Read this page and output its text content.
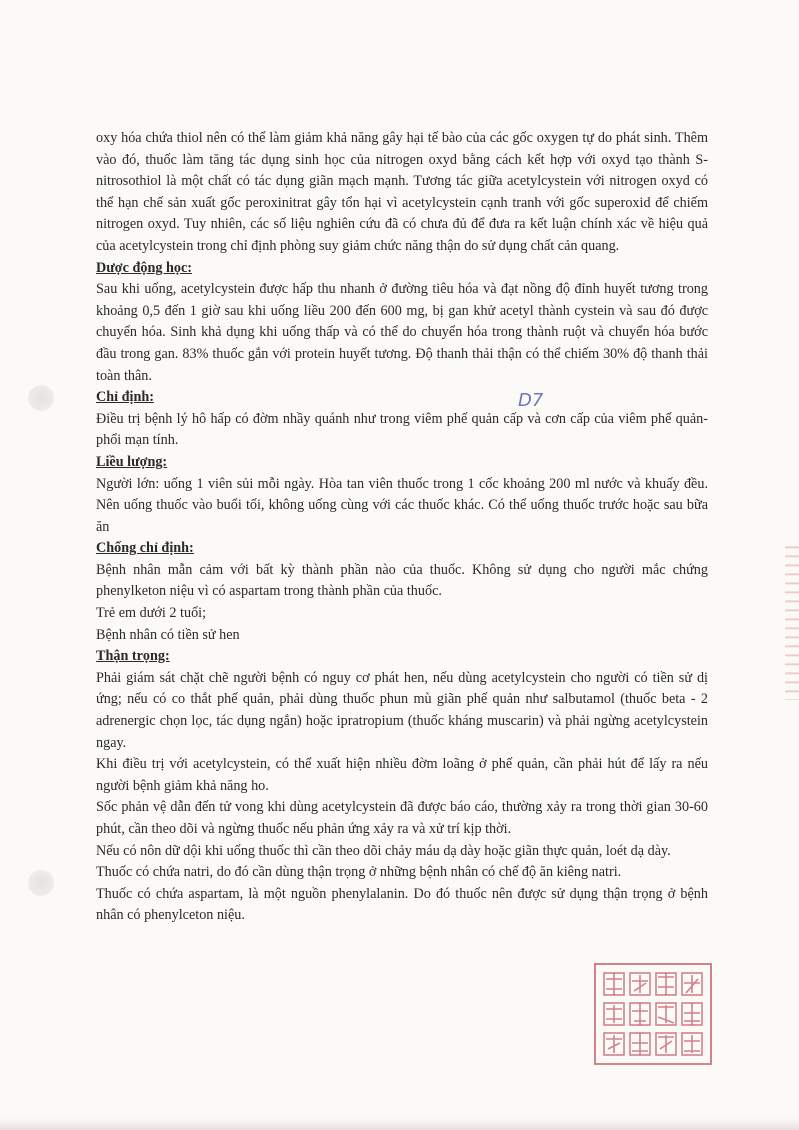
oxy hóa chứa thiol nên có thể làm giảm khả năng gây hại tế bào của các gốc oxygen tự do phát sinh. Thêm vào đó, thuốc làm tăng tác dụng sinh học của nitrogen oxyd bằng cách kết hợp với oxyd tạo thành S-nitrosothiol là một chất có tác dụng giãn mạch mạnh. Tương tác giữa acetylcystein với nitrogen oxyd có thể hạn chế sản xuất gốc peroxinitrat gây tổn hại vì acetylcystein cạnh tranh với gốc superoxid để chiếm nitrogen oxyd. Tuy nhiên, các số liệu nghiên cứu đã có chưa đủ để đưa ra kết luận chính xác về hiệu quả của acetylcystein trong chỉ định phòng suy giảm chức năng thận do sử dụng chất cản quang.

Dược động học:

Sau khi uống, acetylcystein được hấp thu nhanh ở đường tiêu hóa và đạt nồng độ đỉnh huyết tương trong khoảng 0,5 đến 1 giờ sau khi uống liều 200 đến 600 mg, bị gan khử acetyl thành cystein và sau đó được chuyển hóa. Sinh khả dụng khi uống thấp và có thể do chuyển hóa trong thành ruột và chuyển hóa bước đầu trong gan. 83% thuốc gắn với protein huyết tương. Độ thanh thải thận có thể chiếm 30% độ thanh thải toàn thân.

Chỉ định:

Điều trị bệnh lý hô hấp có đờm nhầy quánh như trong viêm phế quản cấp và cơn cấp của viêm phế quản-phổi mạn tính.

Liều lượng:

Người lớn: uống 1 viên sủi mỗi ngày. Hòa tan viên thuốc trong 1 cốc khoảng 200 ml nước và khuấy đều. Nên uống thuốc vào buổi tối, không uống cùng với các thuốc khác. Có thể uống thuốc trước hoặc sau bữa ăn

Chống chỉ định:

Bệnh nhân mẫn cảm với bất kỳ thành phần nào của thuốc. Không sử dụng cho người mắc chứng phenylketon niệu vì có aspartam trong thành phần của thuốc.

Trẻ em dưới 2 tuổi;

Bệnh nhân có tiền sử hen

Thận trọng:

Phải giám sát chặt chẽ người bệnh có nguy cơ phát hen, nếu dùng acetylcystein cho người có tiền sử dị ứng; nếu có co thắt phế quản, phải dùng thuốc phun mù giãn phế quản như salbutamol (thuốc beta - 2 adrenergic chọn lọc, tác dụng ngắn) hoặc ipratropium (thuốc kháng muscarin) và phải ngừng acetylcystein ngay.

Khi điều trị với acetylcystein, có thể xuất hiện nhiều đờm loãng ở phế quản, cần phải hút để lấy ra nếu người bệnh giảm khả năng ho.

Sốc phản vệ dẫn đến tử vong khi dùng acetylcystein đã được báo cáo, thường xảy ra trong thời gian 30-60 phút, cần theo dõi và ngừng thuốc nếu phản ứng xảy ra và xử trí kịp thời.

Nếu có nôn dữ dội khi uống thuốc thì cần theo dõi chảy máu dạ dày hoặc giãn thực quản, loét dạ dày.

Thuốc có chứa natri, do đó cần dùng thận trọng ở những bệnh nhân có chế độ ăn kiêng natri.

Thuốc có chứa aspartam, là một nguồn phenylalanin. Do đó thuốc nên được sử dụng thận trọng ở bệnh nhân có phenylceton niệu.

D7
